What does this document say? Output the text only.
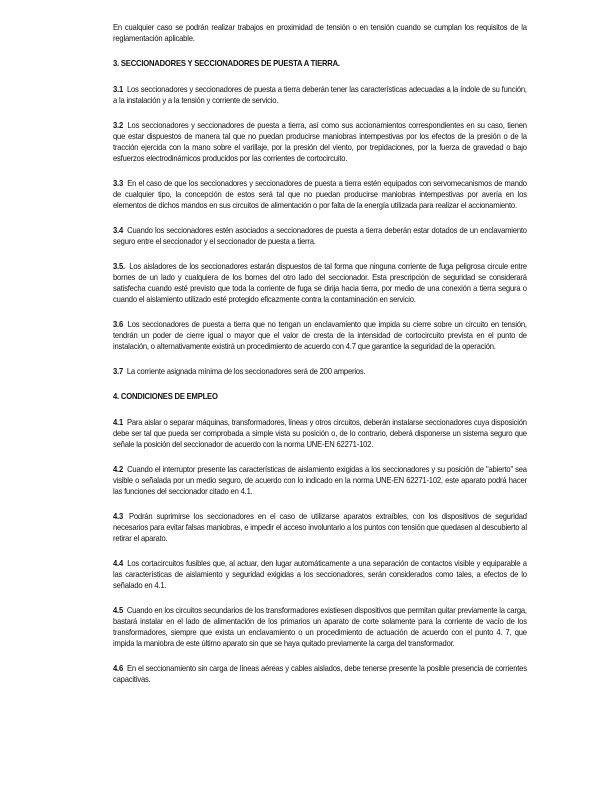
En cualquier caso se podrán realizar trabajos en proximidad de tensión o en tensión cuando se cumplan los requisitos de la reglamentación aplicable.

3. SECCIONADORES Y SECCIONADORES DE PUESTA A TIERRA.

3.1 Los seccionadores y seccionadores de puesta a tierra deberán tener las características adecuadas a la índole de su función, a la instalación y a la tensión y corriente de servicio.

3.2 Los seccionadores y seccionadores de puesta a tierra, así como sus accionamientos correspondientes en su caso, tienen que estar dispuestos de manera tal que no puedan producirse maniobras intempestivas por los efectos de la presión o de la tracción ejercida con la mano sobre el varillaje, por la presión del viento, por trepidaciones, por la fuerza de gravedad o bajo esfuerzos electrodinámicos producidos por las corrientes de cortocircuito.

3.3 En el caso de que los seccionadores y seccionadores de puesta a tierra estén equipados con servomecanismos de mando de cualquier tipo, la concepción de estos será tal que no puedan producirse maniobras intempestivas por avería en los elementos de dichos mandos en sus circuitos de alimentación o por falta de la energía utilizada para realizar el accionamiento.

3.4 Cuando los seccionadores estén asociados a seccionadores de puesta a tierra deberán estar dotados de un enclavamiento seguro entre el seccionador y el seccionador de puesta a tierra.

3.5. Los aisladores de los seccionadores estarán dispuestos de tal forma que ninguna corriente de fuga peligrosa circule entre bornes de un lado y cualquiera de los bornes del otro lado del seccionador. Esta prescripción de seguridad se considerará satisfecha cuando esté previsto que toda la corriente de fuga se dirija hacia tierra, por medio de una conexión a tierra segura o cuando el aislamiento utilizado esté protegido eficazmente contra la contaminación en servicio.

3.6 Los seccionadores de puesta a tierra que no tengan un enclavamiento que impida su cierre sobre un circuito en tensión, tendrán un poder de cierre igual o mayor que el valor de cresta de la intensidad de cortocircuito prevista en el punto de instalación, o alternativamente existirá un procedimiento de acuerdo con 4.7 que garantice la seguridad de la operación.

3.7 La corriente asignada mínima de los seccionadores será de 200 amperios.

4. CONDICIONES DE EMPLEO

4.1 Para aislar o separar máquinas, transformadores, líneas y otros circuitos, deberán instalarse seccionadores cuya disposición debe ser tal que pueda ser comprobada a simple vista su posición o, de lo contrario, deberá disponerse un sistema seguro que señale la posición del seccionador de acuerdo con la norma UNE-EN 62271-102.

4.2 Cuando el interruptor presente las características de aislamiento exigidas a los seccionadores y su posición de "abierto" sea visible o señalada por un medio seguro, de acuerdo con lo indicado en la norma UNE-EN 62271-102, este aparato podrá hacer las funciones del seccionador citado en 4.1.

4.3 Podrán suprimirse los seccionadores en el caso de utilizarse aparatos extraíbles, con los dispositivos de seguridad necesarios para evitar falsas maniobras, e impedir el acceso involuntario a los puntos con tensión que quedasen al descubierto al retirar el aparato.

4.4 Los cortacircuitos fusibles que, al actuar, den lugar automáticamente a una separación de contactos visible y equiparable a las características de aislamiento y seguridad exigidas a los seccionadores, serán considerados como tales, a efectos de lo señalado en 4.1.

4.5 Cuando en los circuitos secundarios de los transformadores existiesen dispositivos que permitan quitar previamente la carga, bastará instalar en el lado de alimentación de los primarios un aparato de corte solamente para la corriente de vacío de los transformadores, siempre que exista un enclavamiento o un procedimiento de actuación de acuerdo con el punto 4. 7, que impida la maniobra de este último aparato sin que se haya quitado previamente la carga del transformador.

4.6 En el seccionamiento sin carga de líneas aéreas y cables aislados, debe tenerse presente la posible presencia de corrientes capacitivas.
